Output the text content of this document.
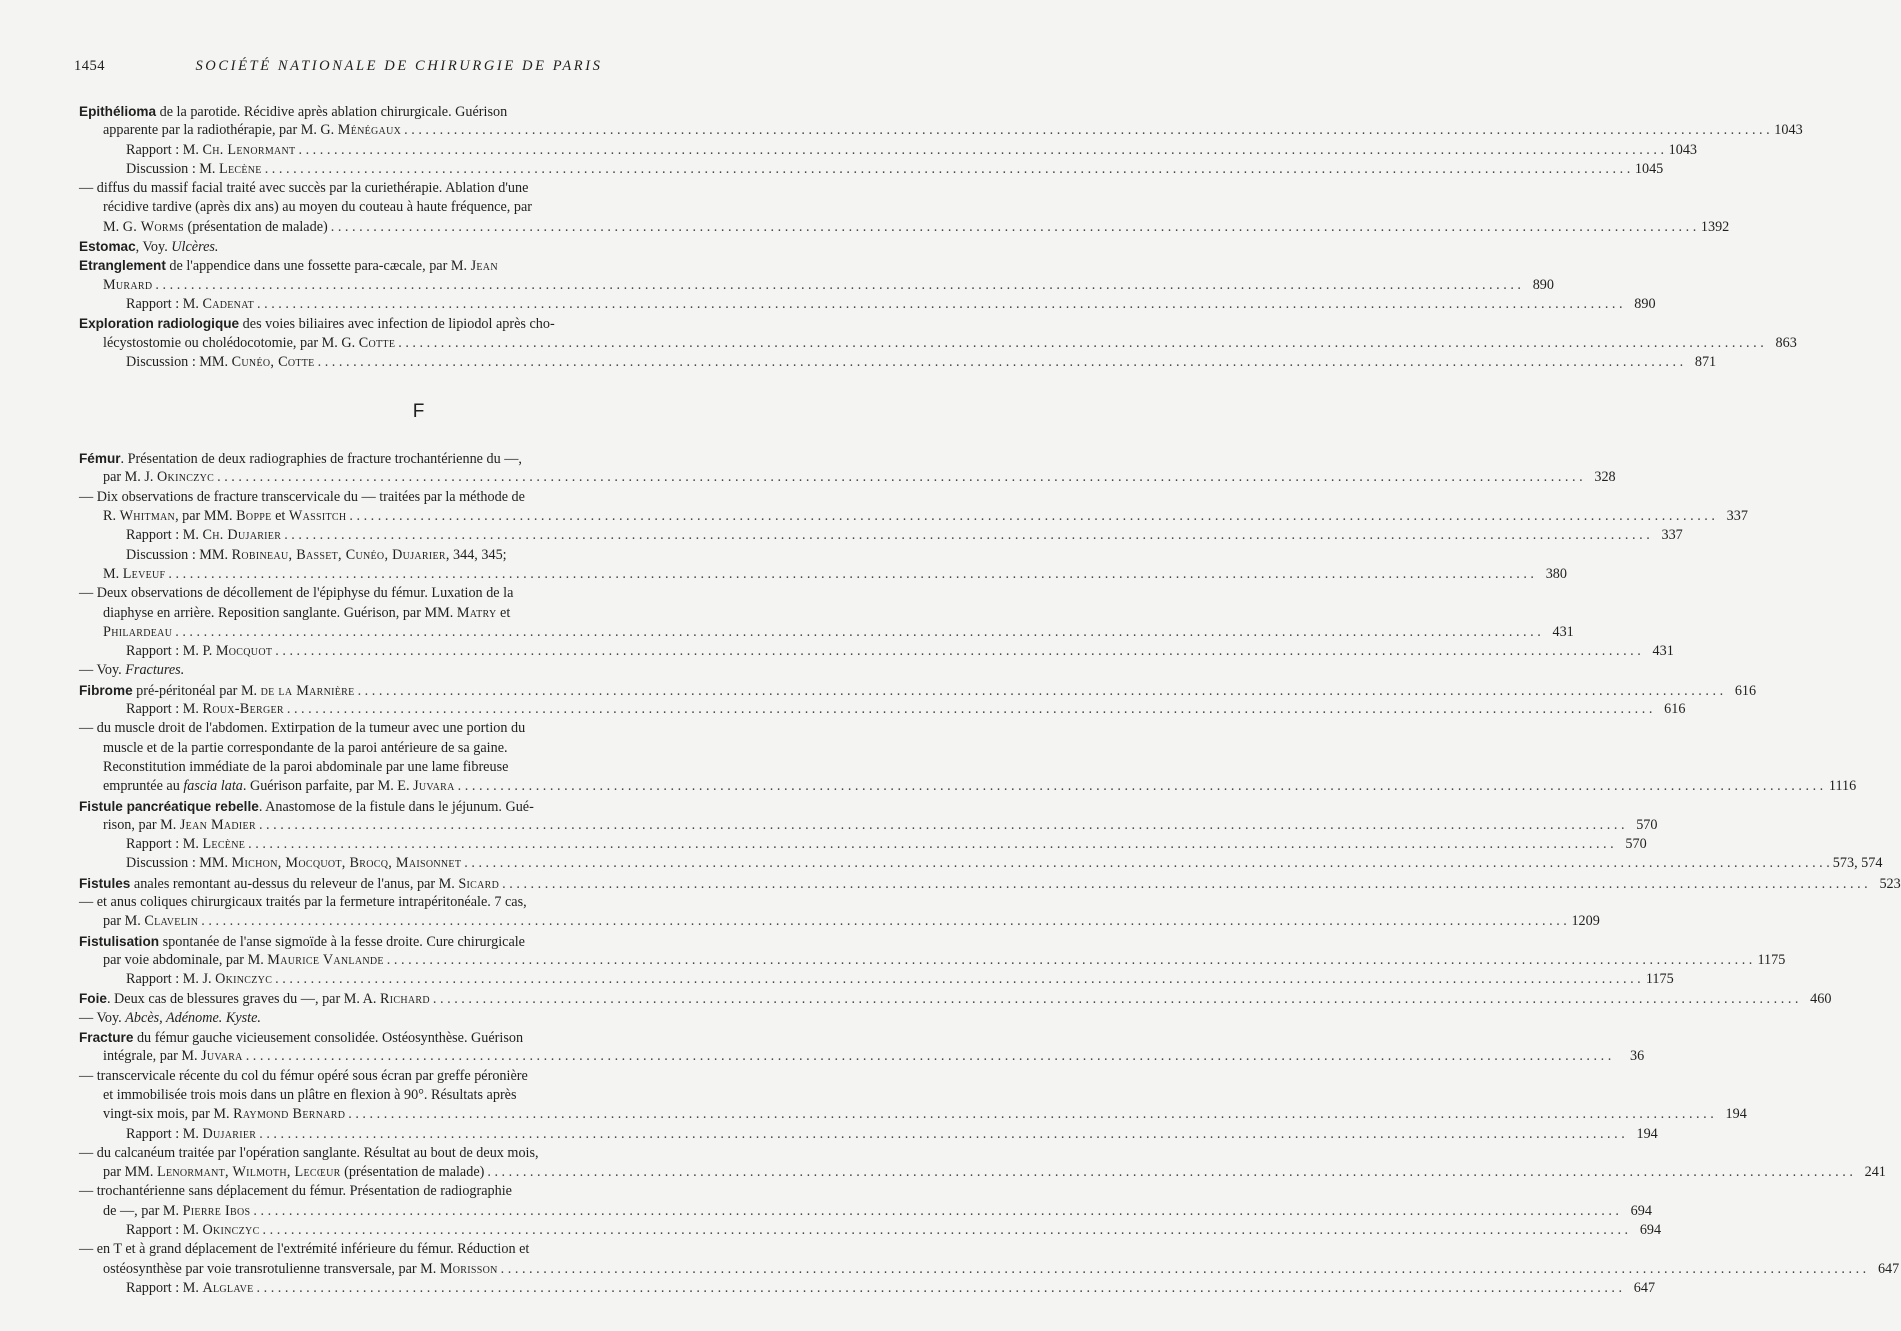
1454	SOCIÉTÉ NATIONALE DE CHIRURGIE DE PARIS
Epithélioma de la parotide. Récidive après ablation chirurgicale. Guérison
apparente par la radiothérapie, par M. G. Ménégaux . . .	1043
Rapport : M. Ch. Lenormant . . .	1043
Discussion : M. Lecène . . .	1045
— diffus du massif facial traité avec succès par la curiethérapie. Ablation d'une
récidive tardive (après dix ans) au moyen du couteau à haute fréquence, par
M. G. Worms (présentation de malade) . . .	1392
Estomac, Voy. Ulcères.
Etranglement de l'appendice dans une fossette para-cæcale, par M. Jean
Murard . . .	890
Rapport : M. Cadenat . . .	890
Exploration radiologique des voies biliaires avec infection de lipiodol après cho-
lécystostomie ou cholédocotomie, par M. G. Cotte . . .	863
Discussion : MM. Cunéo, Cotte . . .	871
F
Fémur. Présentation de deux radiographies de fracture trochantérienne du —,
par M. J. Okinczyc . . .	328
— Dix observations de fracture transcervicale du — traitées par la méthode de
R. Whitman, par MM. Boppe et Wassitch . . .	337
Rapport : M. Ch. Dujarier . . .	337
Discussion : MM. Robineau, Basset, Cunéo, Dujarier, 344, 345;
M. Leveuf . . .	380
— Deux observations de décollement de l'épiphyse du fémur. Luxation de la
diaphyse en arrière. Reposition sanglante. Guérison, par MM. Matry et
Philardeau . . .	431
Rapport : M. P. Mocquot . . .	431
— Voy. Fractures.
Fibrome pré-péritonéal par M. de la Marnière . . .	616
Rapport : M. Roux-Berger . . .	616
— du muscle droit de l'abdomen. Extirpation de la tumeur avec une portion du
muscle et de la partie correspondante de la paroi antérieure de sa gaine.
Reconstitution immédiate de la paroi abdominale par une lame fibreuse
empruntée au fascia lata. Guérison parfaite, par M. E. Juvara . . .	1116
Fistule pancréatique rebelle. Anastomose de la fistule dans le jéjunum. Gué-
rison, par M. Jean Madier . . .	570
Rapport : M. Lecène . . .	570
Discussion : MM. Michon, Mocquot, Brocq, Maisonnet . . .	573, 574
Fistules anales remontant au-dessus du releveur de l'anus, par M. Sicard . . .	523
— et anus coliques chirurgicaux traités par la fermeture intrapéritonéale. 7 cas,
par M. Clavelin . . .	1209
Fistulisation spontanée de l'anse sigmoïde à la fesse droite. Cure chirurgicale
par voie abdominale, par M. Maurice Vanlande . . .	1175
Rapport : M. J. Okinczyc . . .	1175
Foie. Deux cas de blessures graves du —, par M. A. Richard . . .	460
— Voy. Abcès, Adénome. Kyste.
Fracture du fémur gauche vicieusement consolidée. Ostéosynthèse. Guérison
intégrale, par M. Juvara . . .	36
— transcervicale récente du col du fémur opéré sous écran par greffe péronière
et immobilisée trois mois dans un plâtre en flexion à 90°. Résultats après
vingt-six mois, par M. Raymond Bernard . . .	194
Rapport : M. Dujarier . . .	194
— du calcanéum traitée par l'opération sanglante. Résultat au bout de deux mois,
par MM. Lenormant, Wilmoth, Lecœur (présentation de malade) . . .	241
— trochantérienne sans déplacement du fémur. Présentation de radiographie
de —, par M. Pierre Ibos . . .	694
Rapport : M. Okinczyc . . .	694
— en T et à grand déplacement de l'extrémité inférieure du fémur. Réduction et
ostéosynthèse par voie transrotulienne transversale, par M. Morisson . . .	647
Rapport : M. Alglave . . .	647
